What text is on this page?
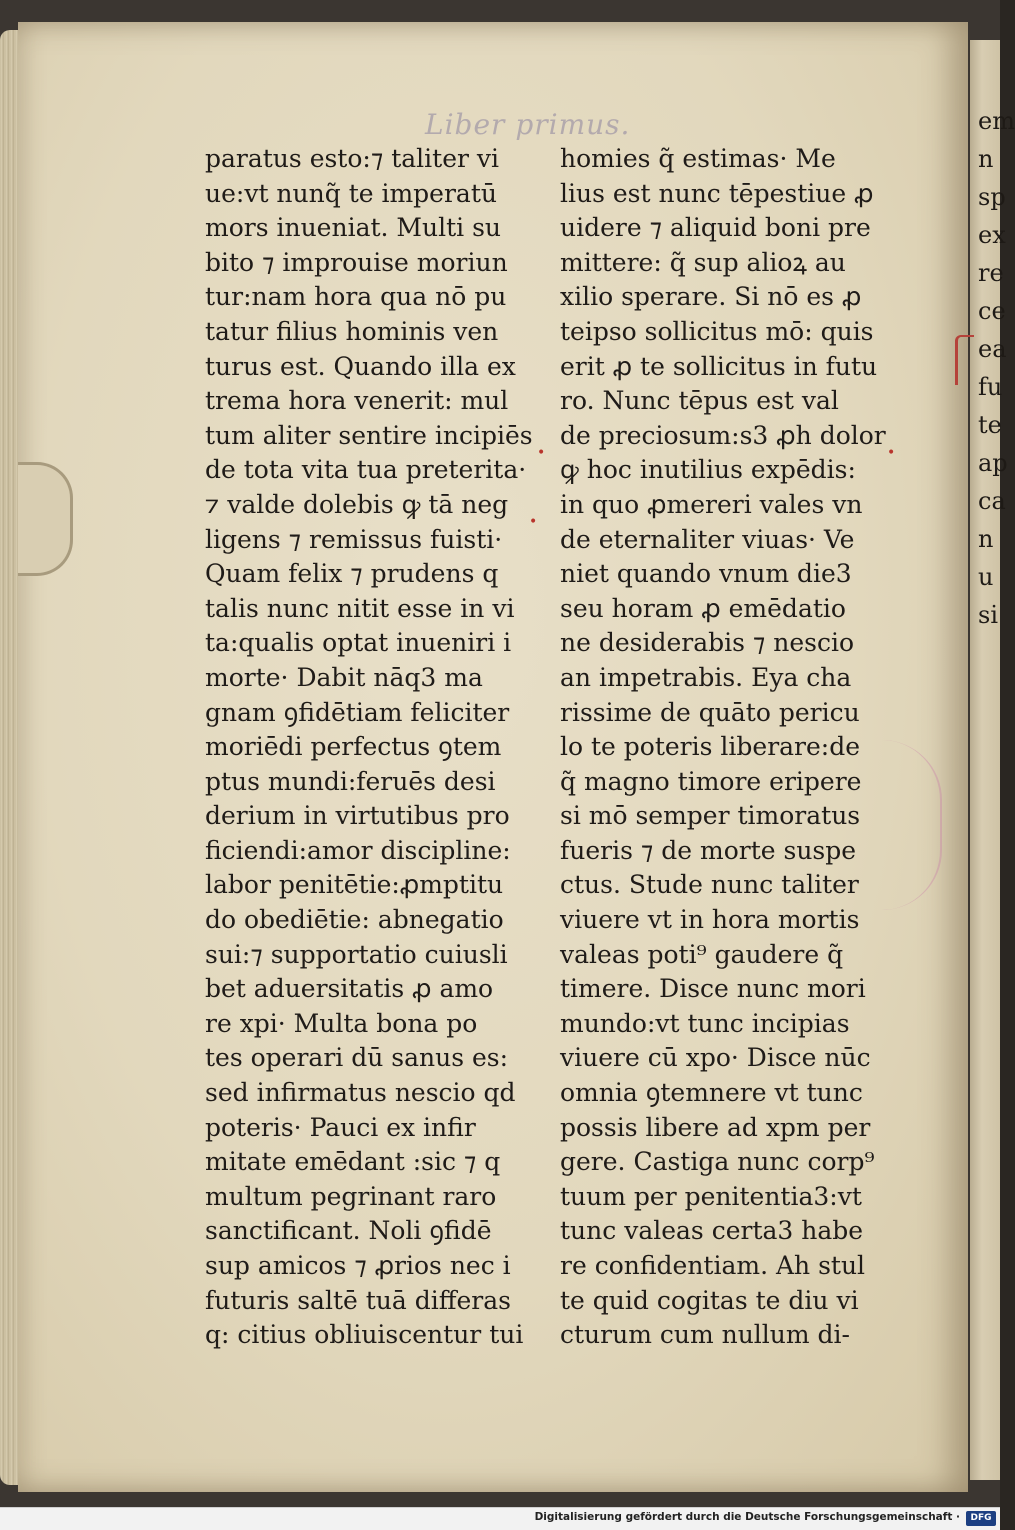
Liber primus.
paratus esto:⁊ taliter vi
ue:vt nunq̃ te imperatū
mors inueniat. Multi su
bito ⁊ improuise moriun
tur:nam hora qua nō pu
tatur filius hominis ven
turus est. Quando illa ex
trema hora venerit: mul
tum aliter sentire incipiēs
de tota vita tua preterita·
⁊ valde dolebis ꝙ tā neg
ligens ⁊ remissus fuisti·
Quam felix ⁊ prudens q
talis nunc nitit esse in vi
ta:qualis optat inueniri i
morte· Dabit nāq3 ma
gnam ꝯfidētiam feliciter
moriēdi perfectus ꝯtem
ptus mundi:feruēs desi
derium in virtutibus pro
ficiendi:amor discipline:
labor penitētie:ꝓmptitu
do obediētie: abnegatio
sui:⁊ supportatio cuiusli
bet aduersitatis ꝓ amo
re xpi· Multa bona po
tes operari dū sanus es:
sed infirmatus nescio qd
poteris· Pauci ex infir
mitate emēdant :sic ⁊ q
multum pegrinant raro
sanctificant. Noli ꝯfidē
sup amicos ⁊ ꝓrios nec i
futuris saltē tuā differas
q: citius obliuiscentur tui
homies q̃ estimas· Me
lius est nunc tēpestiue ꝓ
uidere ⁊ aliquid boni pre
mittere: q̃ sup alioꝝ au
xilio sperare. Si nō es ꝓ
teipso sollicitus mō: quis
erit ꝓ te sollicitus in futu
ro. Nunc tēpus est val
de preciosum:s3 ꝓh dolor
ꝙ hoc inutilius expēdis:
in quo ꝓmereri vales vn
de eternaliter viuas· Ve
niet quando vnum die3
seu horam ꝓ emēdatio
ne desiderabis ⁊ nescio
an impetrabis. Eya cha
rissime de quāto pericu
lo te poteris liberare:de
q̃ magno timore eripere
si mō semper timoratus
fueris ⁊ de morte suspe
ctus. Stude nunc taliter
viuere vt in hora mortis
valeas poti⁹ gaudere q̃
timere. Disce nunc mori
mundo:vt tunc incipias
viuere cū xpo· Disce nūc
omnia ꝯtemnere vt tunc
possis libere ad xpm per
gere. Castiga nunc corp⁹
tuum per penitentia3:vt
tunc valeas certa3 habe
re confidentiam. Ah stul
te quid cogitas te diu vi
cturum cum nullum di-
em
n
sp
ex
re
ce
ea
fu
te
ap
ca
n
u
si
•
•
•
Digitalisierung gefördert durch die Deutsche Forschungsgemeinschaft ·	DFG
